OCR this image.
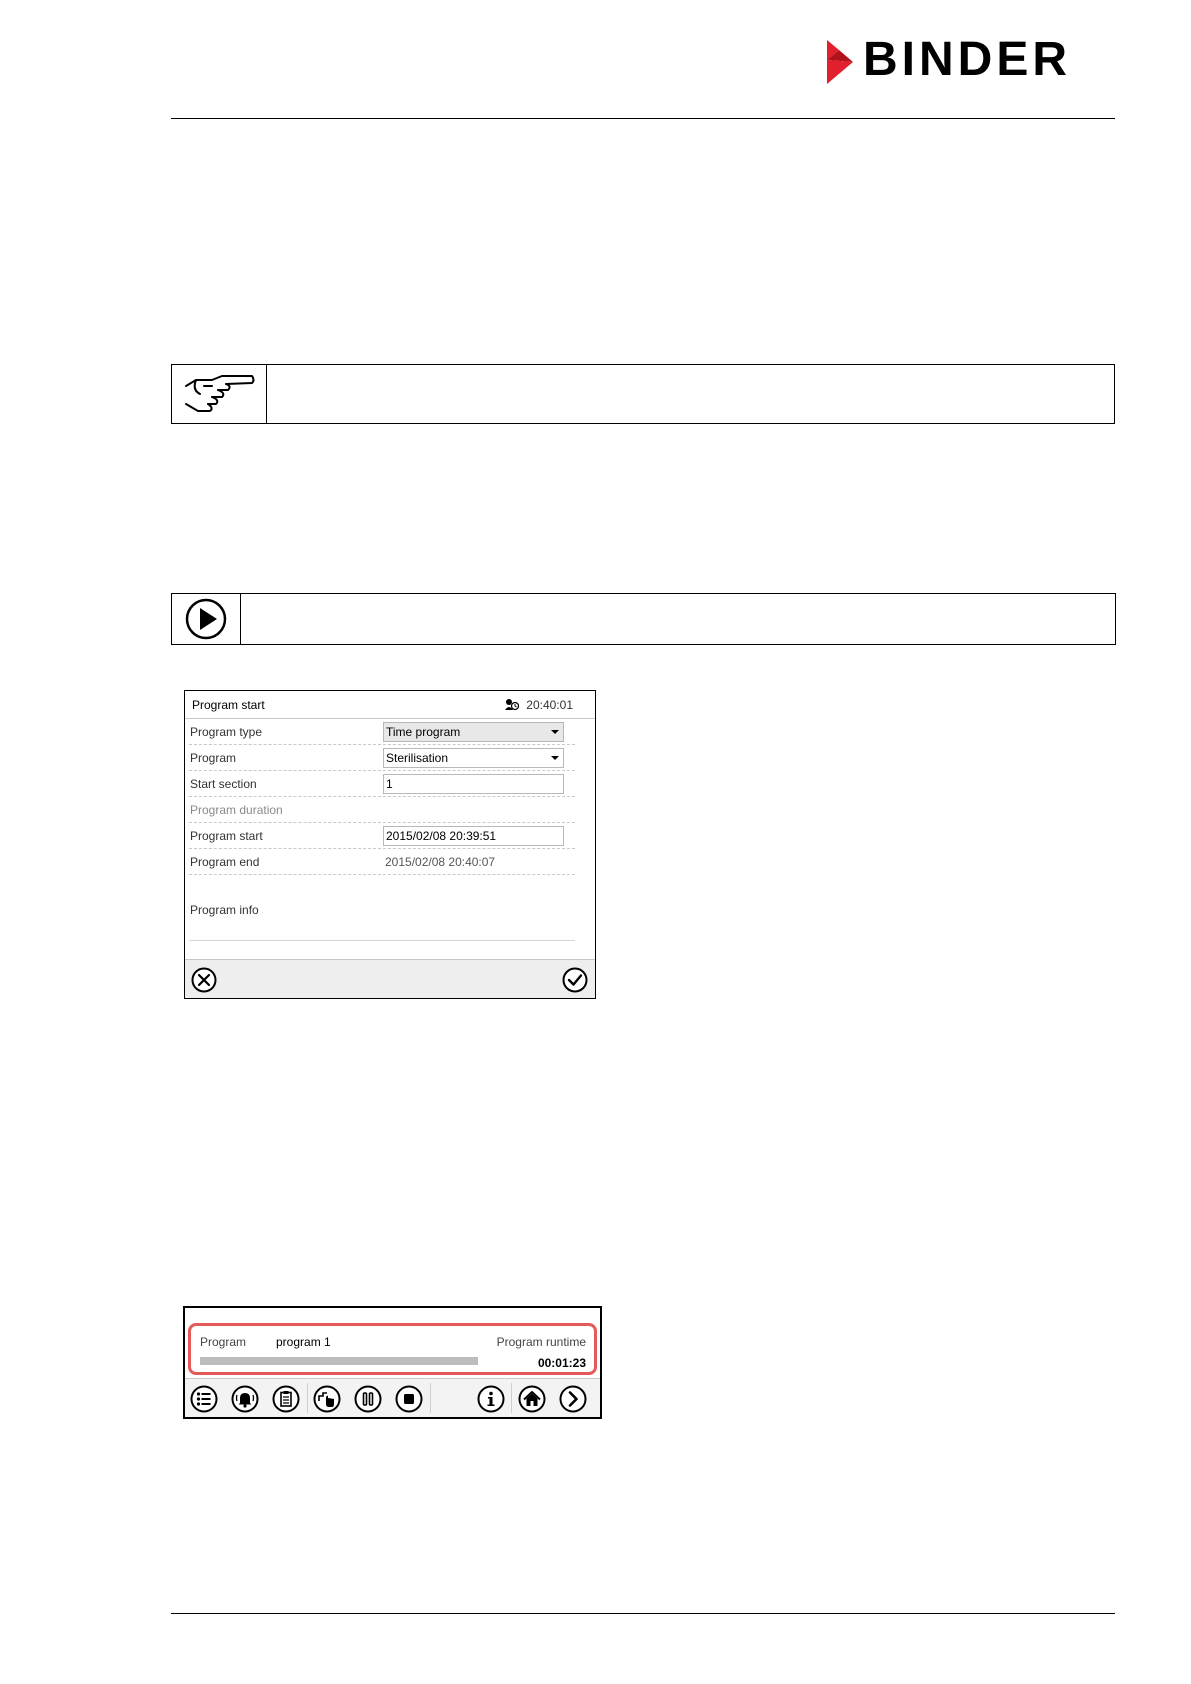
BINDER
Program start	20:40:01
Program type	Time program
Program	Sterilisation
Start section	1
Program duration
Program start	2015/02/08 20:39:51
Program end	2015/02/08 20:40:07
Program info
Program program 1	Program runtime
00:01:23
